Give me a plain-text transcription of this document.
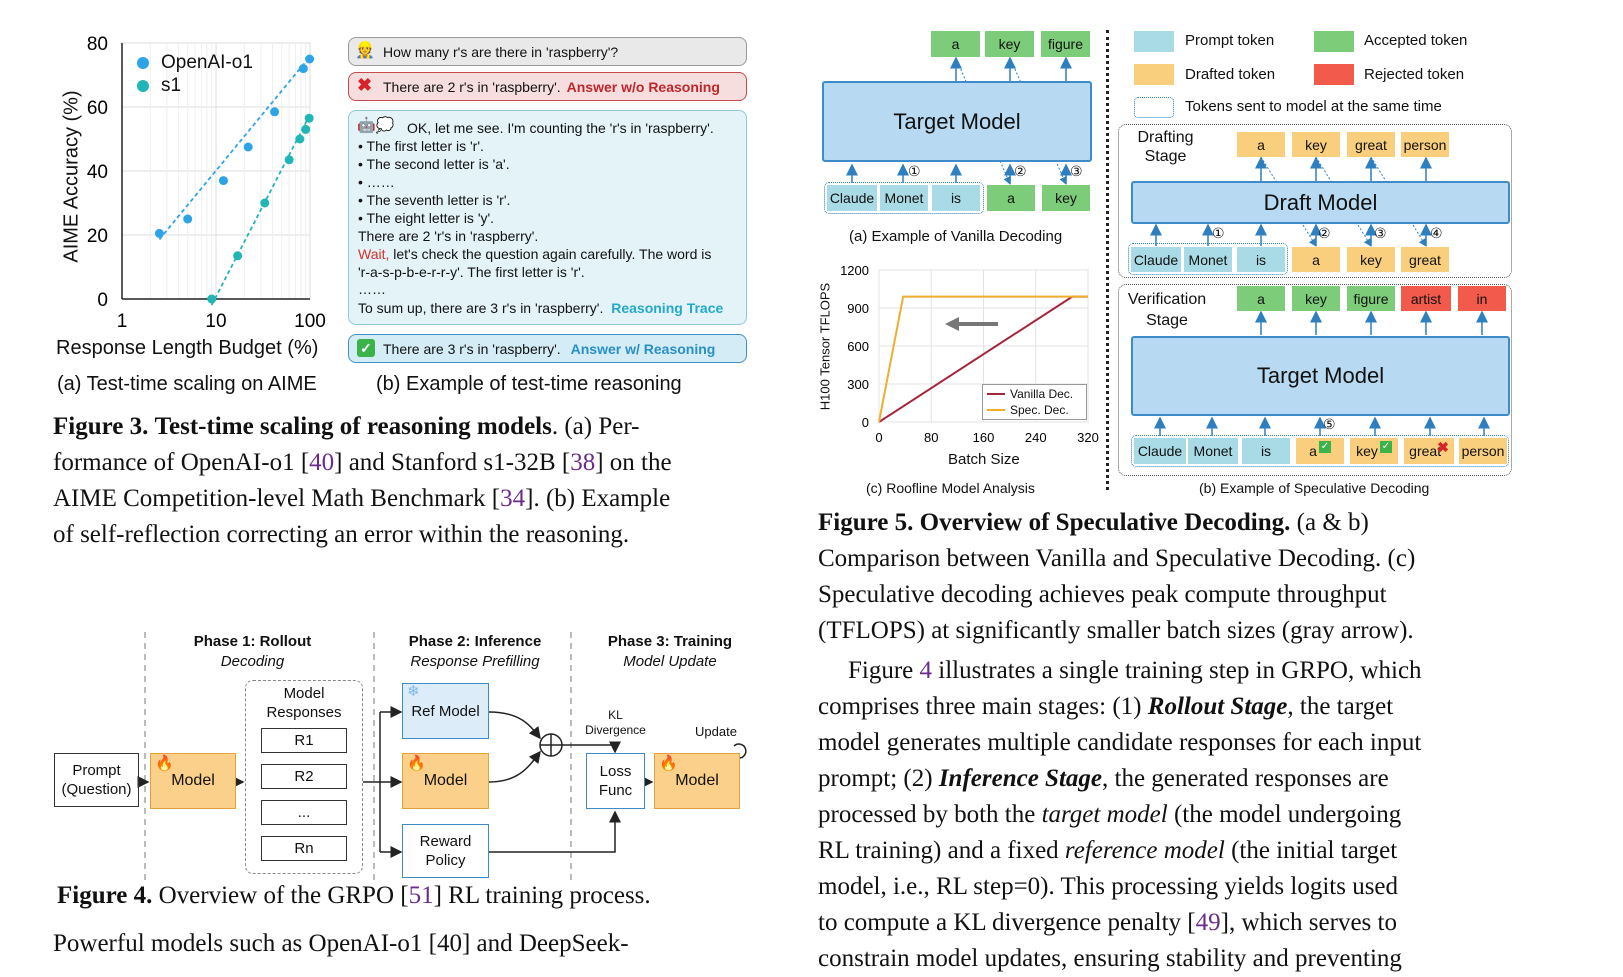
0
20
40
60
80
1	10	100
OpenAI-o1
s1
AIME Accuracy (%)
Response Length Budget (%)
👷 How many r's are there in 'raspberry'?
✖ There are 2 r's in 'raspberry'. Answer w/o Reasoning
🤖💭 OK, let me see. I'm counting the 'r's in 'raspberry'.
• The first letter is 'r'.
• The second letter is 'a'.
• ……
• The seventh letter is 'r'.
• The eight letter is 'y'.
There are 2 'r's in 'raspberry'.
Wait, let's check the question again carefully. The word is
'r-a-s-p-b-e-r-r-y'. The first letter is 'r'.
……
To sum up, there are 3 r's in 'raspberry'. Reasoning Trace
✓ There are 3 r's in 'raspberry'. Answer w/ Reasoning
(a) Test-time scaling on AIME	(b) Example of test-time reasoning
Figure 3. Test-time scaling of reasoning models. (a) Per-
formance of OpenAI-o1 [40] and Stanford s1-32B [38] on the
AIME Competition-level Math Benchmark [34]. (b) Example
of self-reflection correcting an error within the reasoning.
Phase 1: Rollout
Decoding
Phase 2: Inference
Response Prefilling
Phase 3: Training
Model Update
Prompt
(Question)
🔥
Model
Model
Responses
R1
R2
...
Rn
❄
Ref Model
🔥
Model
Reward
Policy
KL
Divergence
Loss
Func
Update
🔥
Model
Figure 4. Overview of the GRPO [51] RL training process.
Powerful models such as OpenAI-o1 [40] and DeepSeek-
a	key	figure
Target Model
Claude Monet	is	a	key
①	②	③
(a) Example of Vanilla Decoding
0
300
600
900
1200
0	80	160 240 320
H100 Tensor TFLOPS
Batch Size
(c) Roofline Model Analysis
Vanilla Dec.
Spec. Dec.
Prompt token	Accepted token
Drafted token	Rejected token
Tokens sent to model at the same time
Drafting
Stage
a	key	great	person
Draft Model
Claude Monet	is	a	key	great
①	②	③	④
Verification
Stage
a	key	figure	artist	in
Target Model
Claude Monet	is	a ✓ key ✓ great
✖ person
⑤
(b) Example of Speculative Decoding
Figure 5. Overview of Speculative Decoding. (a & b)
Comparison between Vanilla and Speculative Decoding. (c)
Speculative decoding achieves peak compute throughput
(TFLOPS) at significantly smaller batch sizes (gray arrow).
Figure 4 illustrates a single training step in GRPO, which
comprises three main stages: (1) Rollout Stage, the target
model generates multiple candidate responses for each input
prompt; (2) Inference Stage, the generated responses are
processed by both the target model (the model undergoing
RL training) and a fixed reference model (the initial target
model, i.e., RL step=0). This processing yields logits used
to compute a KL divergence penalty [49], which serves to
constrain model updates, ensuring stability and preventing
